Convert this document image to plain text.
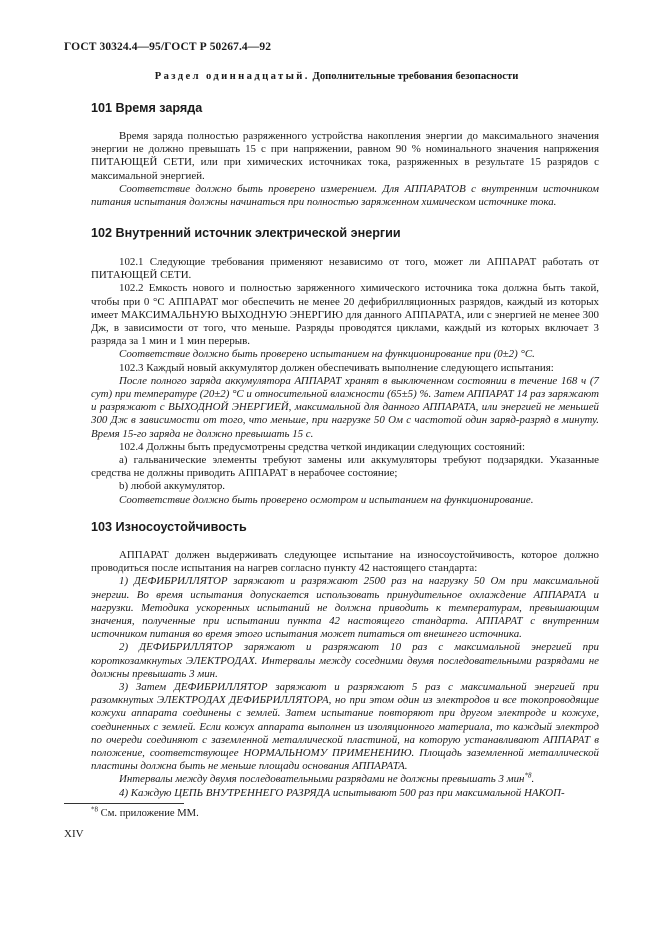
ГОСТ 30324.4—95/ГОСТ Р 50267.4—92
Раздел одиннадцатый. Дополнительные требования безопасности
101 Время заряда

Время заряда полностью разряженного устройства накопления энергии до максимального значения энергии не должно превышать 15 с при напряжении, равном 90 % номинального значения напряжения ПИТАЮЩЕЙ СЕТИ, или при химических источниках тока, разряженных в результате 15 разрядов с максимальной энергией.

Соответствие должно быть проверено измерением. Для АППАРАТОВ с внутренним источником питания испытания должны начинаться при полностью заряженном химическом источнике тока.

102 Внутренний источник электрической энергии

102.1 Следующие требования применяют независимо от того, может ли АППАРАТ работать от ПИТАЮЩЕЙ СЕТИ.

102.2 Емкость нового и полностью заряженного химического источника тока должна быть такой, чтобы при 0 °С АППАРАТ мог обеспечить не менее 20 дефибрилляционных разрядов, каждый из которых имеет МАКСИМАЛЬНУЮ ВЫХОДНУЮ ЭНЕРГИЮ для данного АППАРАТА, или с энергией не менее 300 Дж, в зависимости от того, что меньше. Разряды проводятся циклами, каждый из которых включает 3 разряда за 1 мин и 1 мин перерыв.

Соответствие должно быть проверено испытанием на функционирование при (0±2) °С.

102.3 Каждый новый аккумулятор должен обеспечивать выполнение следующего испытания:

После полного заряда аккумулятора АППАРАТ хранят в выключенном состоянии в течение 168 ч (7 сут) при температуре (20±2) °С и относительной влажности (65±5) %. Затем АППАРАТ 14 раз заряжают и разряжают с ВЫХОДНОЙ ЭНЕРГИЕЙ, максимальной для данного АППАРАТА, или энергией не меньшей 300 Дж в зависимости от того, что меньше, при нагрузке 50 Ом с частотой один заряд-разряд в минуту. Время 15-го заряда не должно превышать 15 с.

102.4 Должны быть предусмотрены средства четкой индикации следующих состояний:

а) гальванические элементы требуют замены или аккумуляторы требуют подзарядки. Указанные средства не должны приводить АППАРАТ в нерабочее состояние;

b) любой аккумулятор.

Соответствие должно быть проверено осмотром и испытанием на функционирование.

103 Износоустойчивость

АППАРАТ должен выдерживать следующее испытание на износоустойчивость, которое должно проводиться после испытания на нагрев согласно пункту 42 настоящего стандарта:

1) ДЕФИБРИЛЛЯТОР заряжают и разряжают 2500 раз на нагрузку 50 Ом при максимальной энергии. Во время испытания допускается использовать принудительное охлаждение АППАРАТА и нагрузки. Методика ускоренных испытаний не должна приводить к температурам, превышающим значения, полученные при испытании пункта 42 настоящего стандарта. АППАРАТ с внутренним источником питания во время этого испытания может питаться от внешнего источника.

2) ДЕФИБРИЛЛЯТОР заряжают и разряжают 10 раз с максимальной энергией при короткозамкнутых ЭЛЕКТРОДАХ. Интервалы между соседними двумя последовательными разрядами не должны превышать 3 мин.

3) Затем ДЕФИБРИЛЛЯТОР заряжают и разряжают 5 раз с максимальной энергией при разомкнутых ЭЛЕКТРОДАХ ДЕФИБРИЛЛЯТОРА, но при этом один из электродов и все токопроводящие кожухи аппарата соединены с землей. Затем испытание повторяют при другом электроде и кожухе, соединенных с землей. Если кожух аппарата выполнен из изоляционного материала, то каждый электрод по очереди соединяют с заземленной металлической пластиной, на которую устанавливают АППАРАТ в положение, соответствующее НОРМАЛЬНОМУ ПРИМЕНЕНИЮ. Площадь заземленной металлической пластины должна быть не меньше площади основания АППАРАТА.

Интервалы между двумя последовательными разрядами не должны превышать 3 мин$^{*8}$.

4) Каждую ЦЕПЬ ВНУТРЕННЕГО РАЗРЯДА испытывают 500 раз при максимальной НАКОП-

$^{*8}$ См. приложение ММ.
XIV
